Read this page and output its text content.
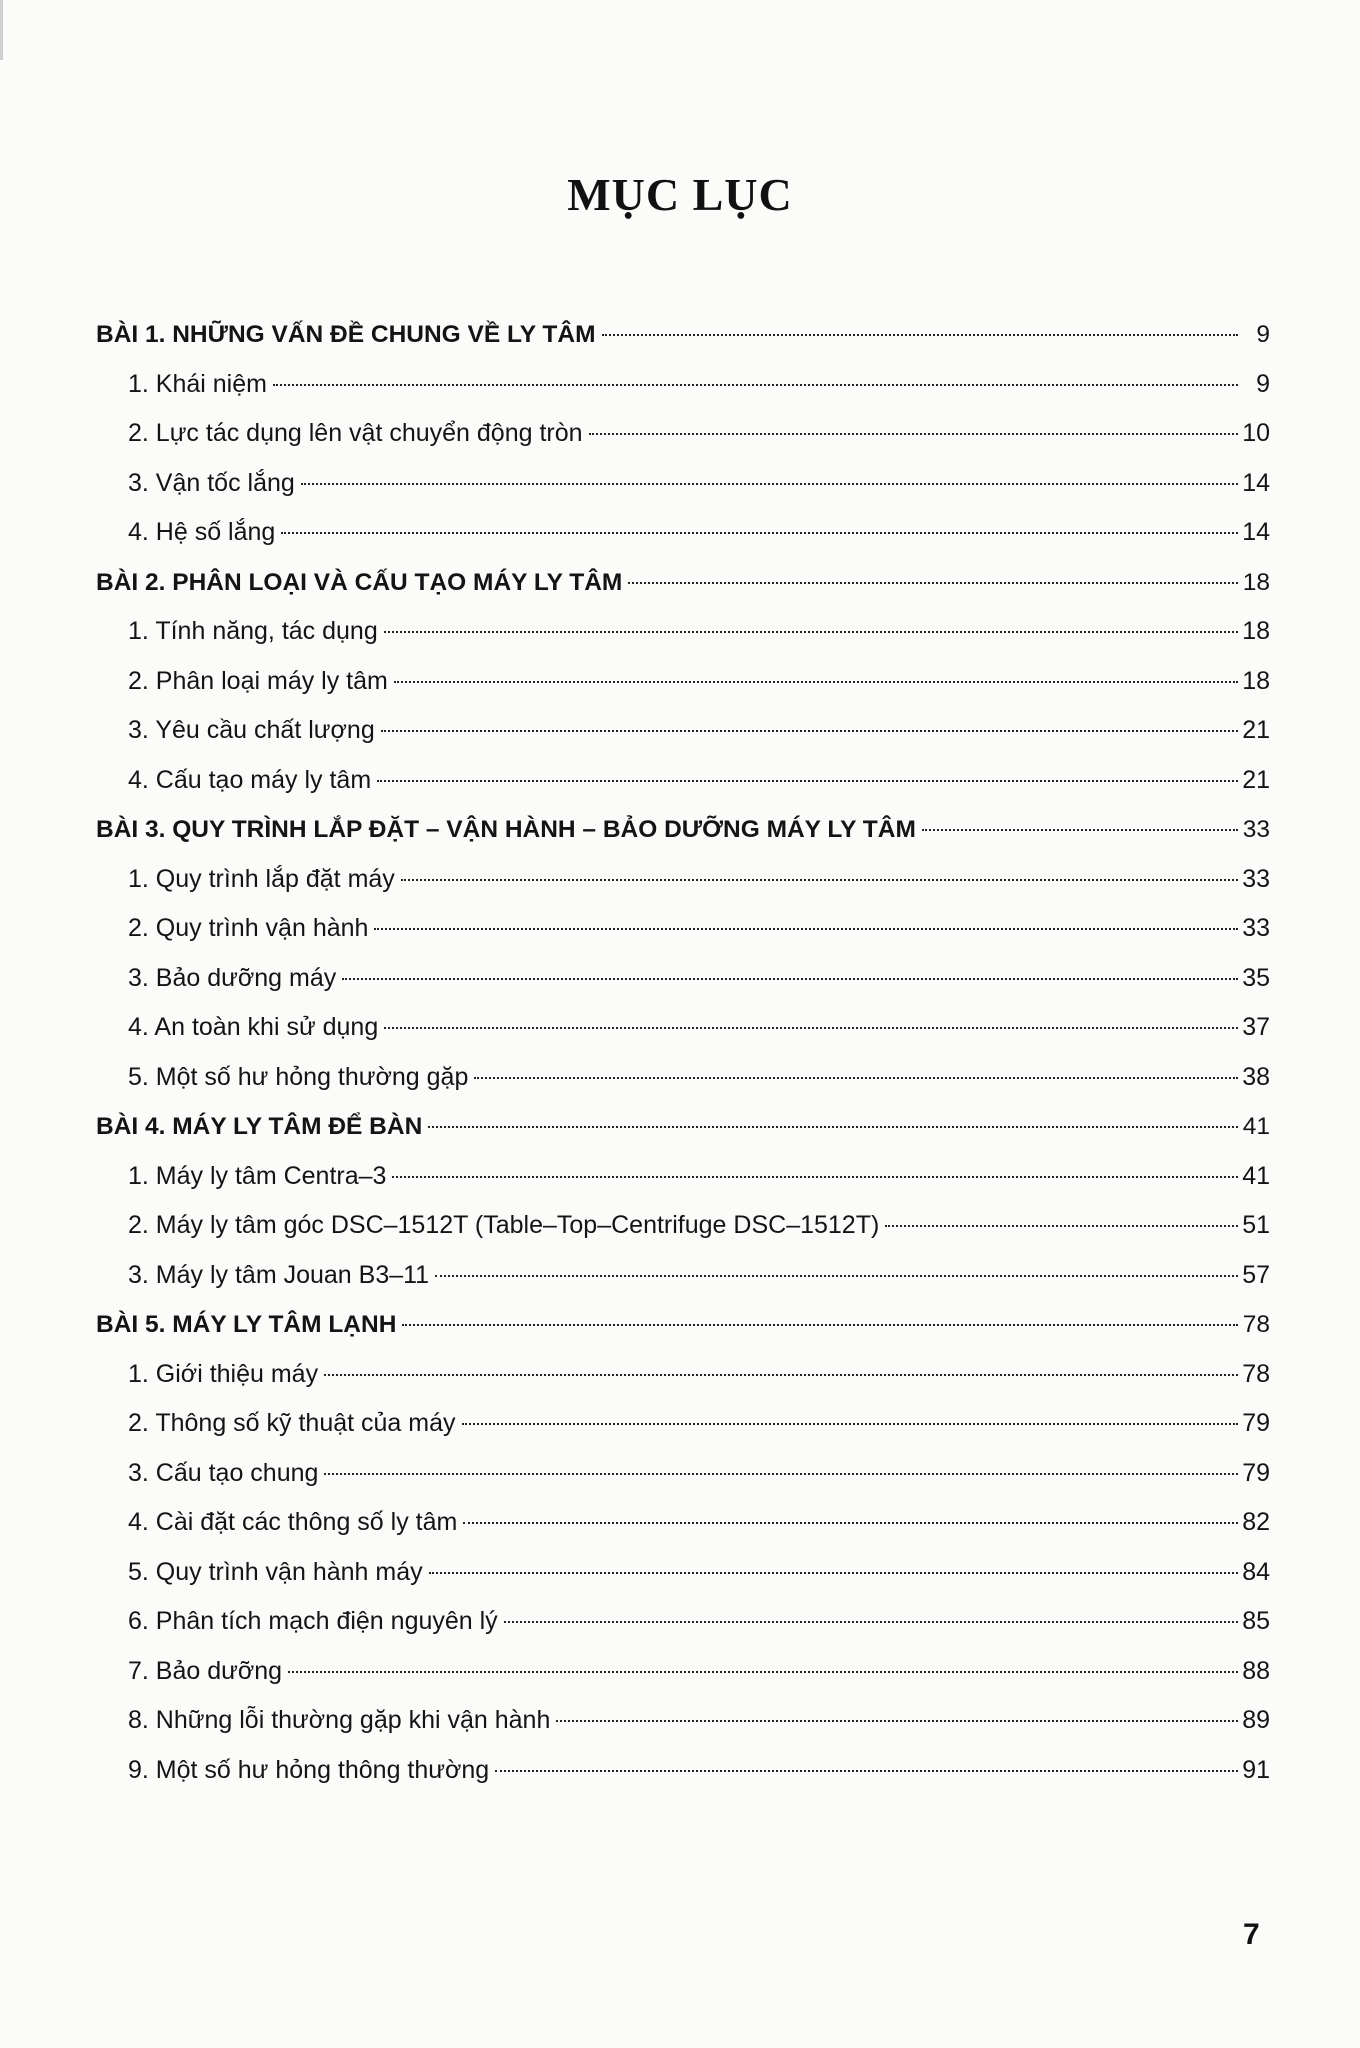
MỤC LỤC
BÀI 1. NHỮNG VẤN ĐỀ CHUNG VỀ LY TÂM	9
1. Khái niệm	9
2. Lực tác dụng lên vật chuyển động tròn	10
3. Vận tốc lắng	14
4. Hệ số lắng	14
BÀI 2. PHÂN LOẠI VÀ CẤU TẠO MÁY LY TÂM	18
1. Tính năng, tác dụng	18
2. Phân loại máy ly tâm	18
3. Yêu cầu chất lượng	21
4. Cấu tạo máy ly tâm	21
BÀI 3. QUY TRÌNH LẮP ĐẶT – VẬN HÀNH – BẢO DƯỠNG MÁY LY TÂM	33
1. Quy trình lắp đặt máy	33
2. Quy trình vận hành	33
3. Bảo dưỡng máy	35
4. An toàn khi sử dụng	37
5. Một số hư hỏng thường gặp	38
BÀI 4. MÁY LY TÂM ĐỂ BÀN	41
1. Máy ly tâm Centra–3	41
2. Máy ly tâm góc DSC–1512T (Table–Top–Centrifuge DSC–1512T)	51
3. Máy ly tâm Jouan B3–11	57
BÀI 5. MÁY LY TÂM LẠNH	78
1. Giới thiệu máy	78
2. Thông số kỹ thuật của máy	79
3. Cấu tạo chung	79
4. Cài đặt các thông số ly tâm	82
5. Quy trình vận hành máy	84
6. Phân tích mạch điện nguyên lý	85
7. Bảo dưỡng	88
8. Những lỗi thường gặp khi vận hành	89
9. Một số hư hỏng thông thường	91
7
